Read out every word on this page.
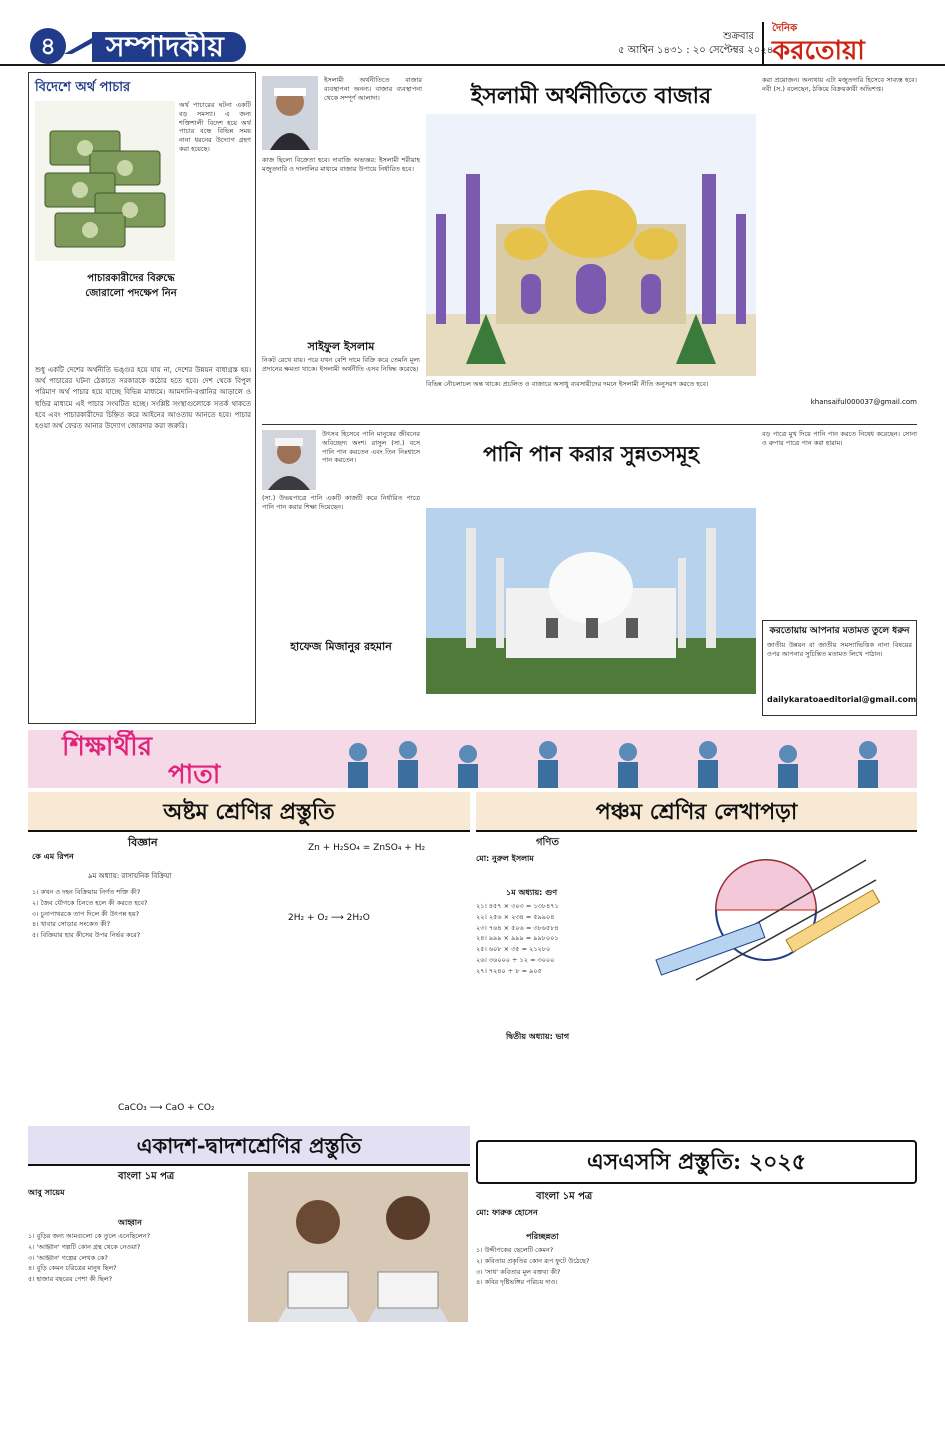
৪	সম্পাদকীয়	শুক্রবার
৫ আশ্বিন ১৪৩১ : ২০ সেপ্টেম্বর ২০২৪
দৈনিক
করতোয়া
বিদেশে অর্থ পাচার
অর্থ পাচারের ঘটনা একটি বড় সমস্যা। এ জন্য শক্তিশালী বিদেশ হয়ে অর্থ পাচার বন্ধে বিভিন্ন সময় নানা ধরনের উদ্যোগ গ্রহণ করা হয়েছে।
পাচারকারীদের বিরুদ্ধে জোরালো পদক্ষেপ নিন
শুধু একটি দেশের অর্থনীতি ভঙ্গুর হয়ে যায় না, দেশের উন্নয়ন বাধাগ্রস্ত হয়। অর্থ পাচারের ঘটনা ঠেকাতে সরকারকে কঠোর হতে হবে। দেশ থেকে বিপুল পরিমাণ অর্থ পাচার হয়ে যাচ্ছে বিভিন্ন মাধ্যমে। আমদানি-রপ্তানির আড়ালে ও হুন্ডির মাধ্যমে এই পাচার সংঘটিত হচ্ছে। সংশ্লিষ্ট সংস্থাগুলোকে সতর্ক থাকতে হবে এবং পাচারকারীদের চিহ্নিত করে আইনের আওতায় আনতে হবে। পাচার হওয়া অর্থ ফেরত আনার উদ্যোগ জোরদার করা জরুরি।
ইসলামী অর্থনীতিতে বাজার ব্যবস্থাপনা অনন্য। বাজার ব্যবস্থাপনা থেকে সম্পূর্ণ আলাদা।	ইসলামী অর্থনীতিতে বাজার
কাজ ছিলো বিক্রেতা হবে। দাবাজি অভ্যন্তর: ইসলামী শরীয়াহ মজুতদারি ও দালালির মাধ্যমে বাজার উপায়ে নির্ধারিত হবে।
সাইফুল ইসলাম
নিকট রেখে যায়। পরে যখন বেশি দামে বিক্রি করে তেমনি মূল্য প্রদানের ক্ষমতা থাকে। ইসলামী অর্থনীতি এসব নিষিদ্ধ করেছে।
বিভিন্ন নৌচলাচল অন্ত থাকে। প্রচলিত ও বাজারে অসাধু ব্যবসায়ীদের দমনে ইসলামী নীতি অনুসরণ করতে হবে।
করা প্রয়োজন। অন্যথায় এটা মজুতদারি হিসেবে সাব্যস্ত হবে। নবী (স.) বলেছেন, ঠকিয়ে বিক্রয়কারী অভিশপ্ত।
khansaiful000037@gmail.com
উৎসব হিসেবে পানি মানুষের জীবনের অবিচ্ছেদ্য অংশ। রাসুল (সা.) বসে পানি পান করতেন এবং তিন নিঃশ্বাসে পান করতেন।	পানি পান করার সুন্নতসমূহ
(সা.) উভয়পাত্রে পানি একটি কাজটি করে নির্ধারিত পাত্রে পানি পান করার শিক্ষা দিয়েছেন।
হাফেজ মিজানুর রহমান
বড় পাত্রে মুখ দিয়ে পানি পান করতে নিষেধ করেছেন। সোনা ও রুপার পাত্রে পান করা হারাম।
করতোয়ায় আপনার মতামত তুলে ধরুন
জাতীয় উন্নয়ন বা জাতীয় সমস্যাভিত্তিক নানা বিষয়ের ওপর আপনার সুচিন্তিত মতামত লিখে পাঠান।
dailykaratoaeditorial@gmail.com
শিক্ষার্থীর
পাতা
অষ্টম শ্রেণির প্রস্তুতি
বিজ্ঞান
কে এম রিপন
৯ম অধ্যায়: রাসায়নিক বিক্রিয়া
১। কখন ও দহন বিক্রিয়ায় নির্গত শক্তি কী?
২। জৈব যৌগকে চিনতে হলে কী করতে হবে?
৩। চুনাপাথরকে তাপ দিলে কী উৎপন্ন হয়?
৪। খাবার সোডার সংকেত কী?
৫। বিক্রিয়ার হার কীসের উপর নির্ভর করে?
Zn + H₂SO₄ = ZnSO₄ + H₂
2H₂ + O₂ ⟶ 2H₂O
CaCO₃ ⟶ CaO + CO₂
পঞ্চম শ্রেণির লেখাপড়া
গণিত
মো: নুরুল ইসলাম
১ম অধ্যায়: গুণ
২১। ৪৫৭ × ৩০৩ = ১৩৮৪৭১
২২। ২৫৬ × ২৩৪ = ৫৯৯০৪
২৩। ৭৬৪ × ৫০৬ = ৩৮৬৫৮৪
২৪। ৯৯৯ × ৯৯৯ = ৯৯৮০০১
২৫। ৬০৮ × ৩৫ = ২১২৮০
২৬। ৩৬০০০ ÷ ১২ = ৩০০০
২৭। ৭২৪০ ÷ ৮ = ৯০৫
দ্বিতীয় অধ্যায়: ভাগ
একাদশ-দ্বাদশশ্রেণির প্রস্তুতি
বাংলা ১ম পত্র
আবু সায়েম
আহ্বান
১। বুড়ির জন্য আমগুলো কে তুলে এনেছিলেন?
২। 'আহ্বান' গল্পটি কোন গ্রন্থ থেকে নেওয়া?
৩। 'আহ্বান' গল্পের লেখক কে?
৪। বুড়ি কেমন চরিত্রের মানুষ ছিল?
৫। হাজার বছরের পেশা কী ছিল?
এসএসসি প্রস্তুতি: ২০২৫
বাংলা ১ম পত্র
মো: ফারুক হোসেন
পরিচ্ছন্নতা
১। উদ্দীপকের ছেলেটি কেমন?
২। কবিতায় প্রকৃতির কোন রূপ ফুটে উঠেছে?
৩। 'সাধ' কবিতার মূল বক্তব্য কী?
৪। কবির দৃষ্টিভঙ্গির পরিচয় দাও।
